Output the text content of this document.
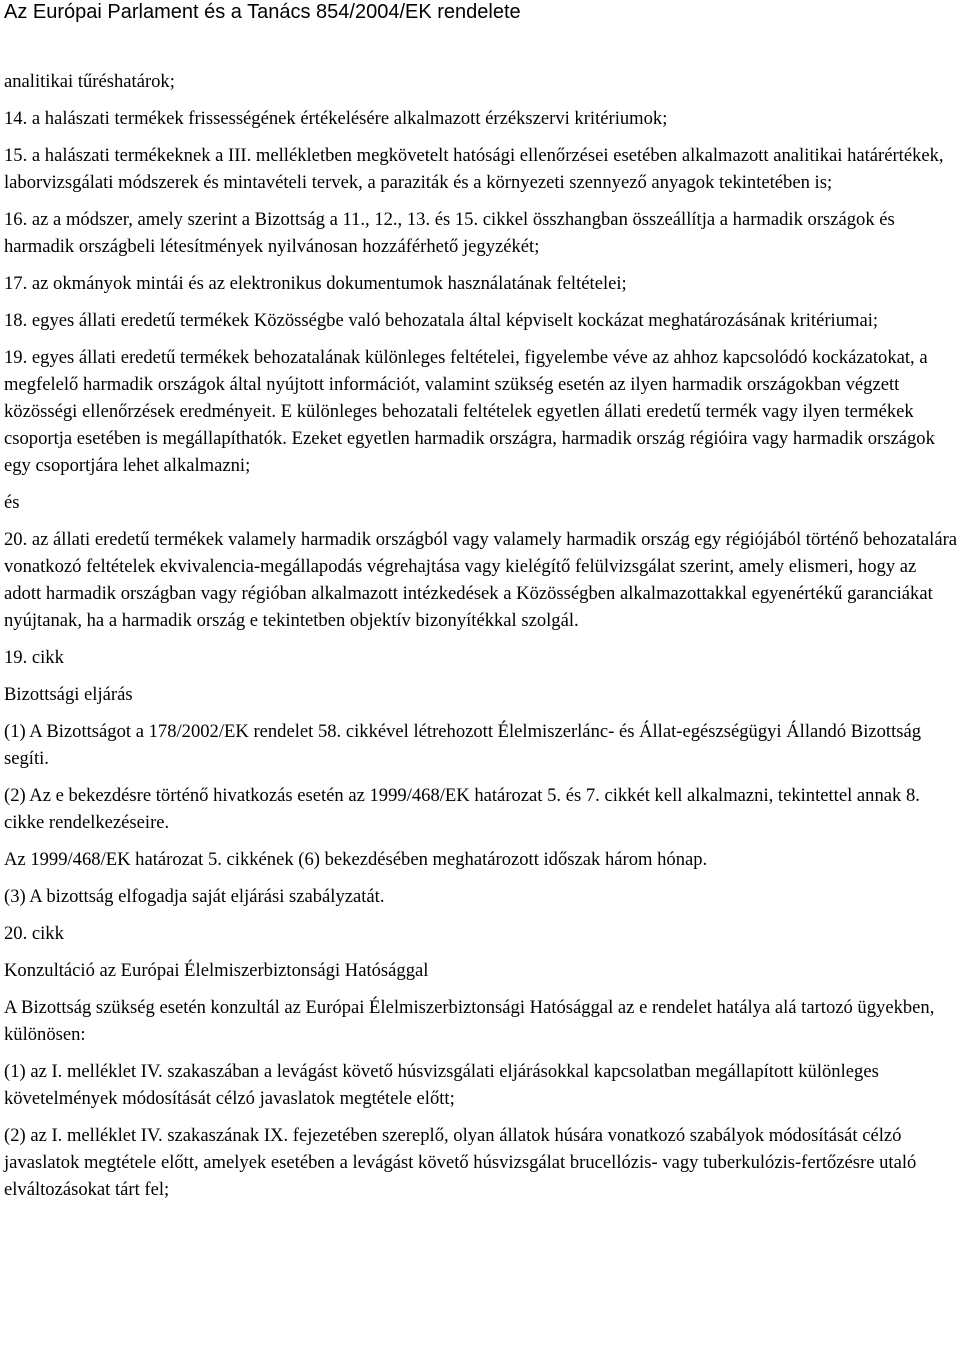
Az Európai Parlament és a Tanács 854/2004/EK rendelete

analitikai tűréshatárok;

14. a halászati termékek frissességének értékelésére alkalmazott érzékszervi kritériumok;

15. a halászati termékeknek a III. mellékletben megkövetelt hatósági ellenőrzései esetében alkalmazott analitikai határértékek, laborvizsgálati módszerek és mintavételi tervek, a paraziták és a környezeti szennyező anyagok tekintetében is;

16. az a módszer, amely szerint a Bizottság a 11., 12., 13. és 15. cikkel összhangban összeállítja a harmadik országok és harmadik országbeli létesítmények nyilvánosan hozzáférhető jegyzékét;

17. az okmányok mintái és az elektronikus dokumentumok használatának feltételei;

18. egyes állati eredetű termékek Közösségbe való behozatala által képviselt kockázat meghatározásának kritériumai;

19. egyes állati eredetű termékek behozatalának különleges feltételei, figyelembe véve az ahhoz kapcsolódó kockázatokat, a megfelelő harmadik országok által nyújtott információt, valamint szükség esetén az ilyen harmadik országokban végzett közösségi ellenőrzések eredményeit. E különleges behozatali feltételek egyetlen állati eredetű termék vagy ilyen termékek csoportja esetében is megállapíthatók. Ezeket egyetlen harmadik országra, harmadik ország régióira vagy harmadik országok egy csoportjára lehet alkalmazni;

és

20. az állati eredetű termékek valamely harmadik országból vagy valamely harmadik ország egy régiójából történő behozatalára vonatkozó feltételek ekvivalencia-megállapodás végrehajtása vagy kielégítő felülvizsgálat szerint, amely elismeri, hogy az adott harmadik országban vagy régióban alkalmazott intézkedések a Közösségben alkalmazottakkal egyenértékű garanciákat nyújtanak, ha a harmadik ország e tekintetben objektív bizonyítékkal szolgál.

19. cikk

Bizottsági eljárás

(1) A Bizottságot a 178/2002/EK rendelet 58. cikkével létrehozott Élelmiszerlánc- és Állat-egészségügyi Állandó Bizottság segíti.

(2) Az e bekezdésre történő hivatkozás esetén az 1999/468/EK határozat 5. és 7. cikkét kell alkalmazni, tekintettel annak 8. cikke rendelkezéseire.

Az 1999/468/EK határozat 5. cikkének (6) bekezdésében meghatározott időszak három hónap.

(3) A bizottság elfogadja saját eljárási szabályzatát.

20. cikk

Konzultáció az Európai Élelmiszerbiztonsági Hatósággal

A Bizottság szükség esetén konzultál az Európai Élelmiszerbiztonsági Hatósággal az e rendelet hatálya alá tartozó ügyekben, különösen:

(1) az I. melléklet IV. szakaszában a levágást követő húsvizsgálati eljárásokkal kapcsolatban megállapított különleges követelmények módosítását célzó javaslatok megtétele előtt;

(2) az I. melléklet IV. szakaszának IX. fejezetében szereplő, olyan állatok húsára vonatkozó szabályok módosítását célzó javaslatok megtétele előtt, amelyek esetében a levágást követő húsvizsgálat brucellózis- vagy tuberkulózis-fertőzésre utaló elváltozásokat tárt fel;
